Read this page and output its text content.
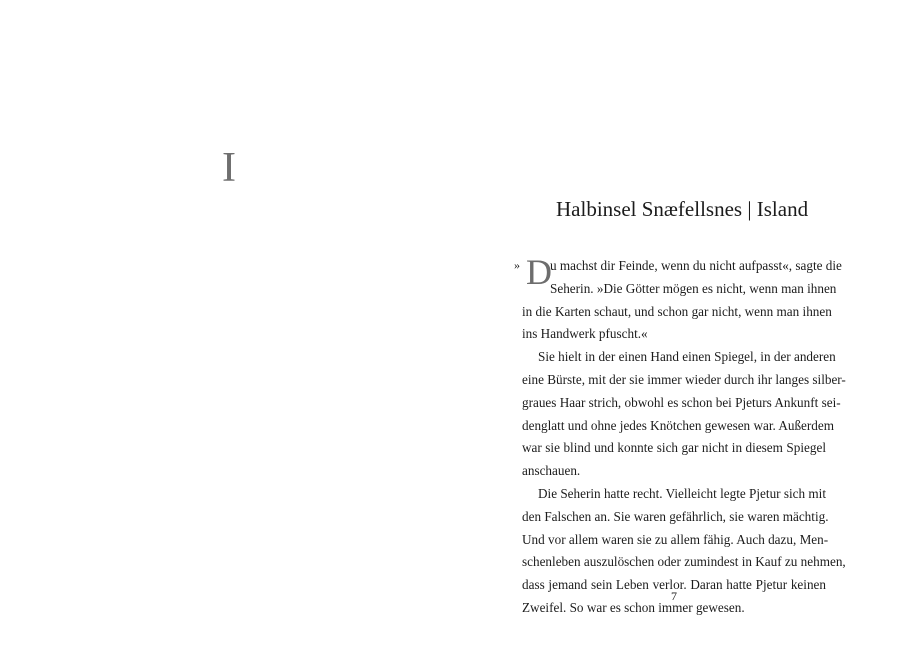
I
Halbinsel Snæfellsnes | Island
» D
u machst dir Feinde, wenn du nicht aufpasst«, sagte die
Seherin. »Die Götter mögen es nicht, wenn man ihnen
in die Karten schaut, und schon gar nicht, wenn man ihnen
ins Handwerk pfuscht.«
Sie hielt in der einen Hand einen Spiegel, in der anderen
eine Bürste, mit der sie immer wieder durch ihr langes silber-
graues Haar strich, obwohl es schon bei Pjeturs Ankunft sei-
denglatt und ohne jedes Knötchen gewesen war. Außerdem
war sie blind und konnte sich gar nicht in diesem Spiegel
anschauen.
Die Seherin hatte recht. Vielleicht legte Pjetur sich mit
den Falschen an. Sie waren gefährlich, sie waren mächtig.
Und vor allem waren sie zu allem fähig. Auch dazu, Men-
schenleben auszulöschen oder zumindest in Kauf zu nehmen,
dass jemand sein Leben verlor. Daran hatte Pjetur keinen
Zweifel. So war es schon immer gewesen.
7
